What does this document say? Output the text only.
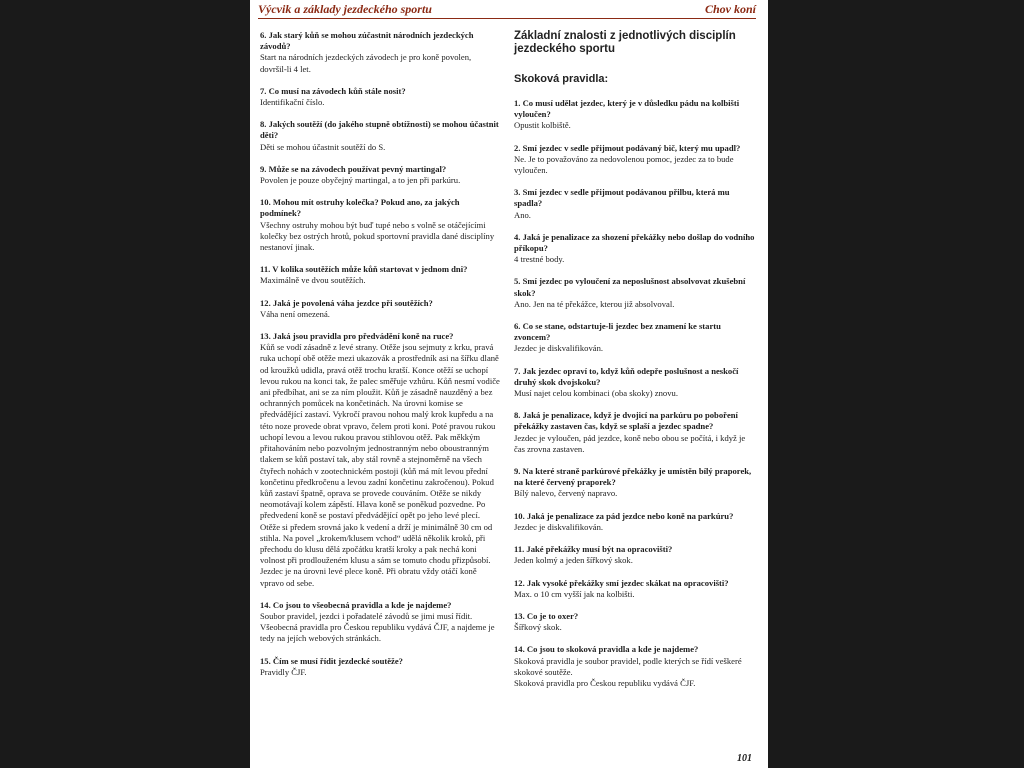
Výcvik a základy jezdeckého sportu	Chov koní
6. Jak starý kůň se mohou zúčastnit národních jezdeckých závodů?
Start na národních jezdeckých závodech je pro koně povolen, dovršil-li 4 let.
7. Co musí na závodech kůň stále nosit?
Identifikační číslo.
8. Jakých soutěží (do jakého stupně obtížnosti) se mohou účastnit děti?
Děti se mohou účastnit soutěží do S.
9. Může se na závodech používat pevný martingal?
Povolen je pouze obyčejný martingal, a to jen při parkúru.
10. Mohou mít ostruhy kolečka? Pokud ano, za jakých podmínek?
Všechny ostruhy mohou být buď tupé nebo s volně se otáčejícími kolečky bez ostrých hrotů, pokud sportovní pravidla dané disciplíny nestanoví jinak.
11. V kolika soutěžích může kůň startovat v jednom dni?
Maximálně ve dvou soutěžích.
12. Jaká je povolená váha jezdce při soutěžích?
Váha není omezená.
13. Jaká jsou pravidla pro předvádění koně na ruce?
Kůň se vodí zásadně z levé strany. Otěže jsou sejmuty z krku, pravá ruka uchopí obě otěže mezi ukazovák a prostředník asi na šířku dlaně od kroužků udidla, pravá otěž trochu kratší. Konce otěží se uchopí levou rukou na konci tak, že palec směřuje vzhůru. Kůň nesmí vodiče ani předbíhat, ani se za ním ploužit. Kůň je zásadně nauzděný a bez ochranných pomůcek na končetinách. Na úrovni komise se předvádějící zastaví. Vykročí pravou nohou malý krok kupředu a na této noze provede obrat vpravo, čelem proti koni. Poté pravou rukou uchopí levou a levou rukou pravou stihlovou otěž. Pak měkkým přitahováním nebo pozvolným jednostranným nebo oboustranným tlakem se kůň postaví tak, aby stál rovně a stejnoměrně na všech čtyřech nohách v zootechnickém postoji (kůň má mít levou přední končetinu předkročenu a levou zadní končetinu zakročenou). Pokud kůň zastaví špatně, oprava se provede couváním. Otěže se nikdy neomotávají kolem zápěstí. Hlava koně se poněkud pozvedne. Po předvedení koně se postaví předvádějící opět po jeho levé plecí. Otěže si předem srovná jako k vedení a drží je minimálně 30 cm od stihla. Na povel „krokem/klusem vchod“ udělá několik kroků, při přechodu do klusu dělá zpočátku kratší kroky a pak nechá koni volnost při prodlouženém klusu a sám se tomuto chodu přizpůsobí. Jezdec je na úrovni levé plece koně. Při obratu vždy otáčí koně vpravo od sebe.
14. Co jsou to všeobecná pravidla a kde je najdeme?
Soubor pravidel, jezdci i pořadatelé závodů se jimi musí řídit. Všeobecná pravidla pro Českou republiku vydává ČJF, a najdeme je tedy na jejích webových stránkách.
15. Čím se musí řídit jezdecké soutěže?
Pravidly ČJF.
Základní znalosti z jednotlivých disciplín jezdeckého sportu
Skoková pravidla:
1. Co musí udělat jezdec, který je v důsledku pádu na kolbišti vyloučen?
Opustit kolbiště.
2. Smí jezdec v sedle přijmout podávaný bič, který mu upadl?
Ne. Je to považováno za nedovolenou pomoc, jezdec za to bude vyloučen.
3. Smí jezdec v sedle přijmout podávanou přilbu, která mu spadla?
Ano.
4. Jaká je penalizace za shození překážky nebo došlap do vodního příkopu?
4 trestné body.
5. Smí jezdec po vyloučení za neposlušnost absolvovat zkušební skok?
Ano. Jen na té překážce, kterou již absolvoval.
6. Co se stane, odstartuje-li jezdec bez znamení ke startu zvoncem?
Jezdec je diskvalifikován.
7. Jak jezdec opraví to, když kůň odepře poslušnost a neskočí druhý skok dvojskoku?
Musí najet celou kombinaci (oba skoky) znovu.
8. Jaká je penalizace, když je dvojicí na parkúru po poboření překážky zastaven čas, když se splaší a jezdec spadne?
Jezdec je vyloučen, pád jezdce, koně nebo obou se počítá, i když je čas zrovna zastaven.
9. Na které straně parkúrové překážky je umístěn bílý praporek, na které červený praporek?
Bílý nalevo, červený napravo.
10. Jaká je penalizace za pád jezdce nebo koně na parkúru?
Jezdec je diskvalifikován.
11. Jaké překážky musí být na opracovišti?
Jeden kolmý a jeden šířkový skok.
12. Jak vysoké překážky smí jezdec skákat na opracovišti?
Max. o 10 cm vyšší jak na kolbišti.
13. Co je to oxer?
Šířkový skok.
14. Co jsou to skoková pravidla a kde je najdeme?
Skoková pravidla je soubor pravidel, podle kterých se řídí veškeré skokové soutěže.
Skoková pravidla pro Českou republiku vydává ČJF.
101
